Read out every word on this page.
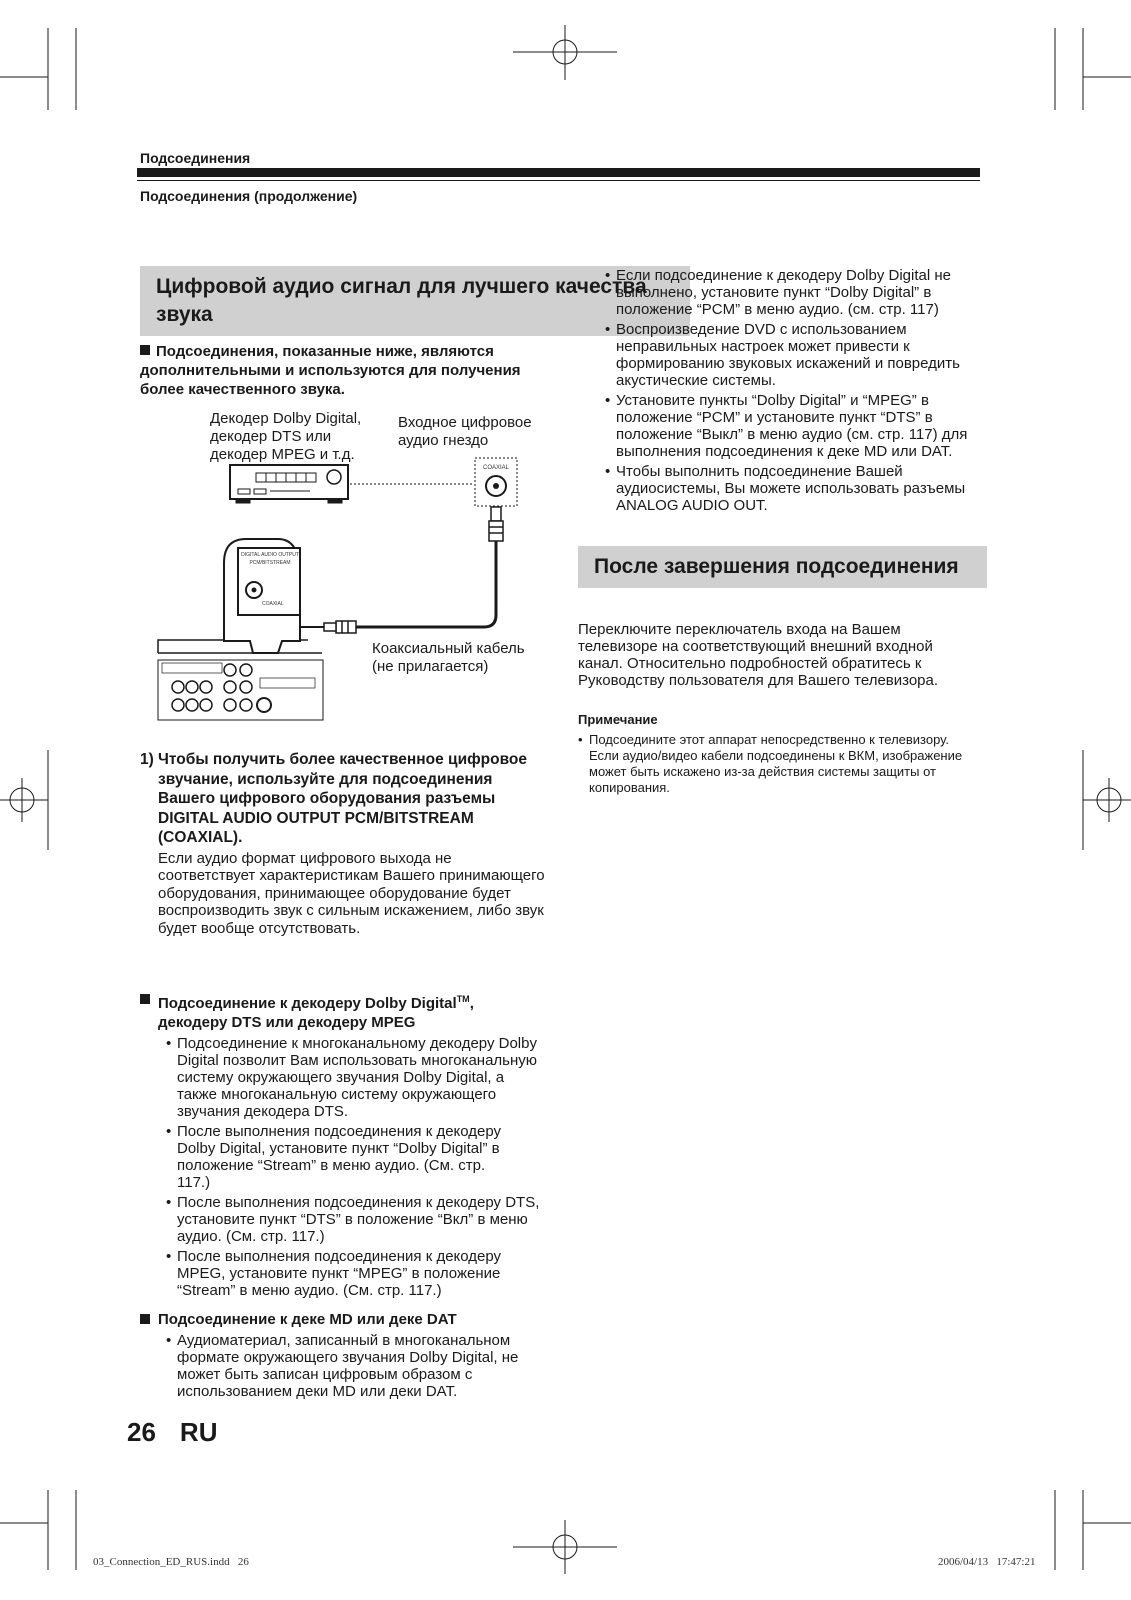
Подсоединения
Подсоединения (продолжение)
Цифровой аудио сигнал для лучшего качества звука
Подсоединения, показанные ниже, являются дополнительными и используются для получения более качественного звука.
Декодер Dolby Digital, декодер DTS или декодер MPEG и т.д.
Входное цифровое аудио гнездо
Коаксиальный кабель (не прилагается)
COAXIAL
DIGITAL AUDIO OUTPUT
PCM/BITSTREAM
COAXIAL
1) Чтобы получить более качественное цифровое звучание, используйте для подсоединения Вашего цифрового оборудования разъемы DIGITAL AUDIO OUTPUT PCM/BITSTREAM (COAXIAL).
Если аудио формат цифрового выхода не соответствует характеристикам Вашего принимающего оборудования, принимающее оборудование будет воспроизводить звук с сильным искажением, либо звук будет вообще отсутствовать.
Подсоединение к декодеру Dolby Digital™, декодеру DTS или декодеру MPEG
• Подсоединение к многоканальному декодеру Dolby Digital позволит Вам использовать многоканальную систему окружающего звучания Dolby Digital, а также многоканальную систему окружающего звучания декодера DTS.
• После выполнения подсоединения к декодеру Dolby Digital, установите пункт “Dolby Digital” в положение “Stream” в меню аудио. (См. стр. 117.)
• После выполнения подсоединения к декодеру DTS, установите пункт “DTS” в положение “Вкл” в меню аудио. (См. стр. 117.)
• После выполнения подсоединения к декодеру MPEG, установите пункт “MPEG” в положение “Stream” в меню аудио. (См. стр. 117.)
Подсоединение к деке MD или деке DAT
• Аудиоматериал, записанный в многоканальном формате окружающего звучания Dolby Digital, не может быть записан цифровым образом с использованием деки MD или деки DAT.
• Если подсоединение к декодеру Dolby Digital не выполнено, установите пункт “Dolby Digital” в положение “PCM” в меню аудио. (см. стр. 117)
• Воспроизведение DVD с использованием неправильных настроек может привести к формированию звуковых искажений и повредить акустические системы.
• Установите пункты “Dolby Digital” и “MPEG” в положение “PCM” и установите пункт “DTS” в положение “Выкл” в меню аудио (см. стр. 117) для выполнения подсоединения к деке MD или DAT.
• Чтобы выполнить подсоединение Вашей аудиосистемы, Вы можете использовать разъемы ANALOG AUDIO OUT.
После завершения подсоединения
Переключите переключатель входа на Вашем телевизоре на соответствующий внешний входной канал. Относительно подробностей обратитесь к Руководству пользователя для Вашего телевизора.
Примечание
• Подсоедините этот аппарат непосредственно к телевизору. Если аудио/видео кабели подсоединены к ВКМ, изображение может быть искажено из-за действия системы защиты от копирования.
26 RU
03_Connection_ED_RUS.indd   26	2006/04/13   17:47:21
